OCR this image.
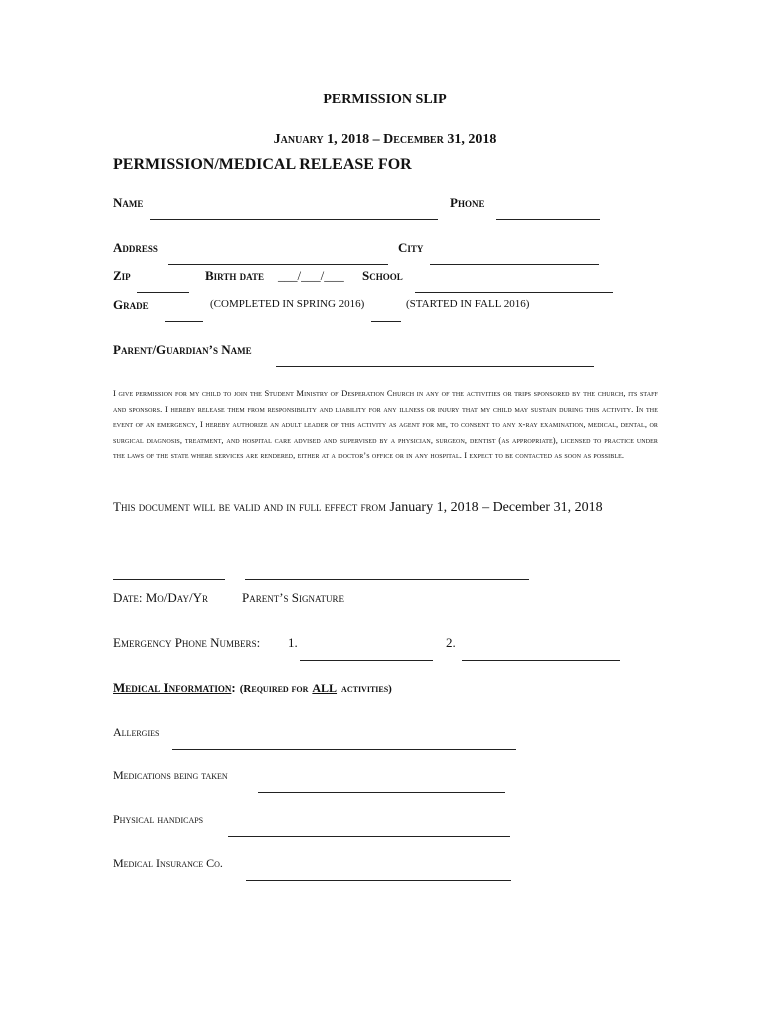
PERMISSION SLIP
January 1, 2018 – December 31, 2018
PERMISSION/MEDICAL RELEASE FOR
Name	Phone
Address	City
Zip	Birth date ___/___/___ School
Grade	(COMPLETED IN SPRING 2016)	(STARTED IN FALL 2016)
Parent/Guardian’s Name
I give permission for my child to join the Student Ministry of Desperation Church in any of the activities or trips sponsored by the church, its staff and sponsors. I hereby release them from responsibility and liability for any illness or injury that my child may sustain during this activity. In the event of an emergency, I hereby authorize an adult leader of this activity as agent for me, to consent to any x-ray examination, medical, dental, or surgical diagnosis, treatment, and hospital care advised and supervised by a physician, surgeon, dentist (as appropriate), licensed to practice under the laws of the state where services are rendered, either at a doctor’s office or in any hospital. I expect to be contacted as soon as possible.
This document will be valid and in full effect from January 1, 2018 – December 31, 2018
Date: Mo/Day/Yr	Parent’s Signature
Emergency Phone Numbers: 1.	2.
Medical Information: (Required for ALL activities)
Allergies
Medications being taken
Physical handicaps
Medical Insurance Co.
